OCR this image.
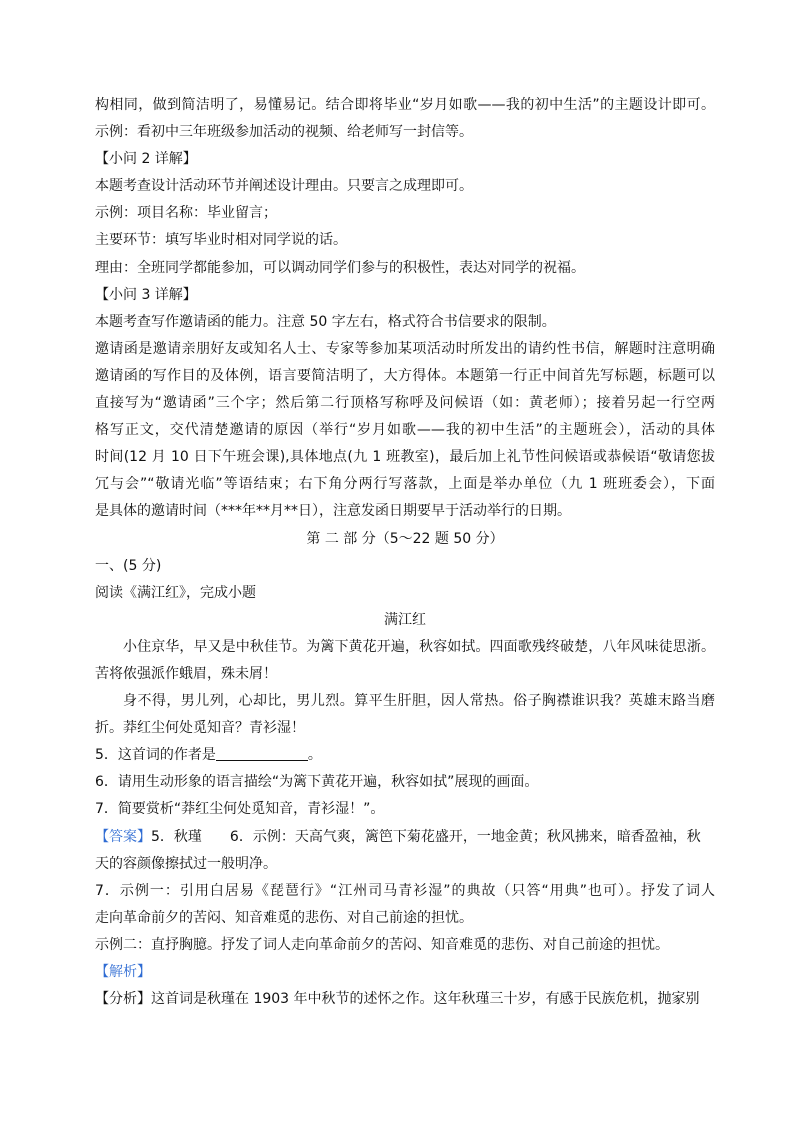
构相同，做到简洁明了，易懂易记。结合即将毕业“岁月如歌——我的初中生活”的主题设计即可。
示例：看初中三年班级参加活动的视频、给老师写一封信等。
【小问 2 详解】
本题考查设计活动环节并阐述设计理由。只要言之成理即可。
示例：项目名称：毕业留言；
主要环节：填写毕业时相对同学说的话。
理由：全班同学都能参加，可以调动同学们参与的积极性，表达对同学的祝福。
【小问 3 详解】
本题考查写作邀请函的能力。注意 50 字左右，格式符合书信要求的限制。
邀请函是邀请亲朋好友或知名人士、专家等参加某项活动时所发出的请约性书信，解题时注意明确
邀请函的写作目的及体例，语言要简洁明了，大方得体。本题第一行正中间首先写标题，标题可以
直接写为“邀请函”三个字；然后第二行顶格写称呼及问候语（如：黄老师）；接着另起一行空两
格写正文，交代清楚邀请的原因（举行“岁月如歌——我的初中生活”的主题班会），活动的具体
时间(12 月 10 日下午班会课),具体地点(九 1 班教室)，最后加上礼节性问候语或恭候语“敬请您拔
冗与会”“敬请光临”等语结束；右下角分两行写落款，上面是举办单位（九 1 班班委会），下面
是具体的邀请时间（***年**月**日），注意发函日期要早于活动举行的日期。
第 二 部 分（5～22 题 50 分）
一、(5 分)
阅读《满江红》，完成小题
满江红
小住京华，早又是中秋佳节。为篱下黄花开遍，秋容如拭。四面歌残终破楚，八年风味徒思浙。
苦将侬强派作蛾眉，殊未屑！
身不得，男儿列，心却比，男儿烈。算平生肝胆，因人常热。俗子胸襟谁识我？英雄末路当磨
折。莽红尘何处觅知音？青衫湿！
5．这首词的作者是	。
6．请用生动形象的语言描绘“为篱下黄花开遍，秋容如拭”展现的画面。
7．简要赏析“莽红尘何处觅知音，青衫湿！”。
【答案】5．秋瑾　　6．示例：天高气爽，篱笆下菊花盛开，一地金黄；秋风拂来，暗香盈袖，秋
天的容颜像擦拭过一般明净。
7．示例一：引用白居易《琵琶行》“江州司马青衫湿”的典故（只答“用典”也可）。抒发了词人
走向革命前夕的苦闷、知音难觅的悲伤、对自己前途的担忧。
示例二：直抒胸臆。抒发了词人走向革命前夕的苦闷、知音难觅的悲伤、对自己前途的担忧。
【解析】
【分析】这首词是秋瑾在 1903 年中秋节的述怀之作。这年秋瑾三十岁，有感于民族危机，抛家别
